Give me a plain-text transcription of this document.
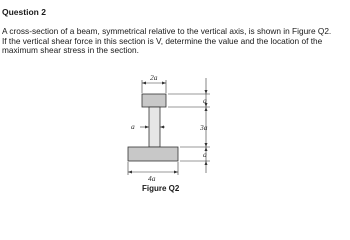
Question 2
A cross-section of a beam, symmetrical relative to the vertical axis, is shown in Figure Q2.
If the vertical shear force in this section is V, determine the value and the location of the
maximum shear stress in the section.
2a
a
4a
a
3a
a
Figure Q2
